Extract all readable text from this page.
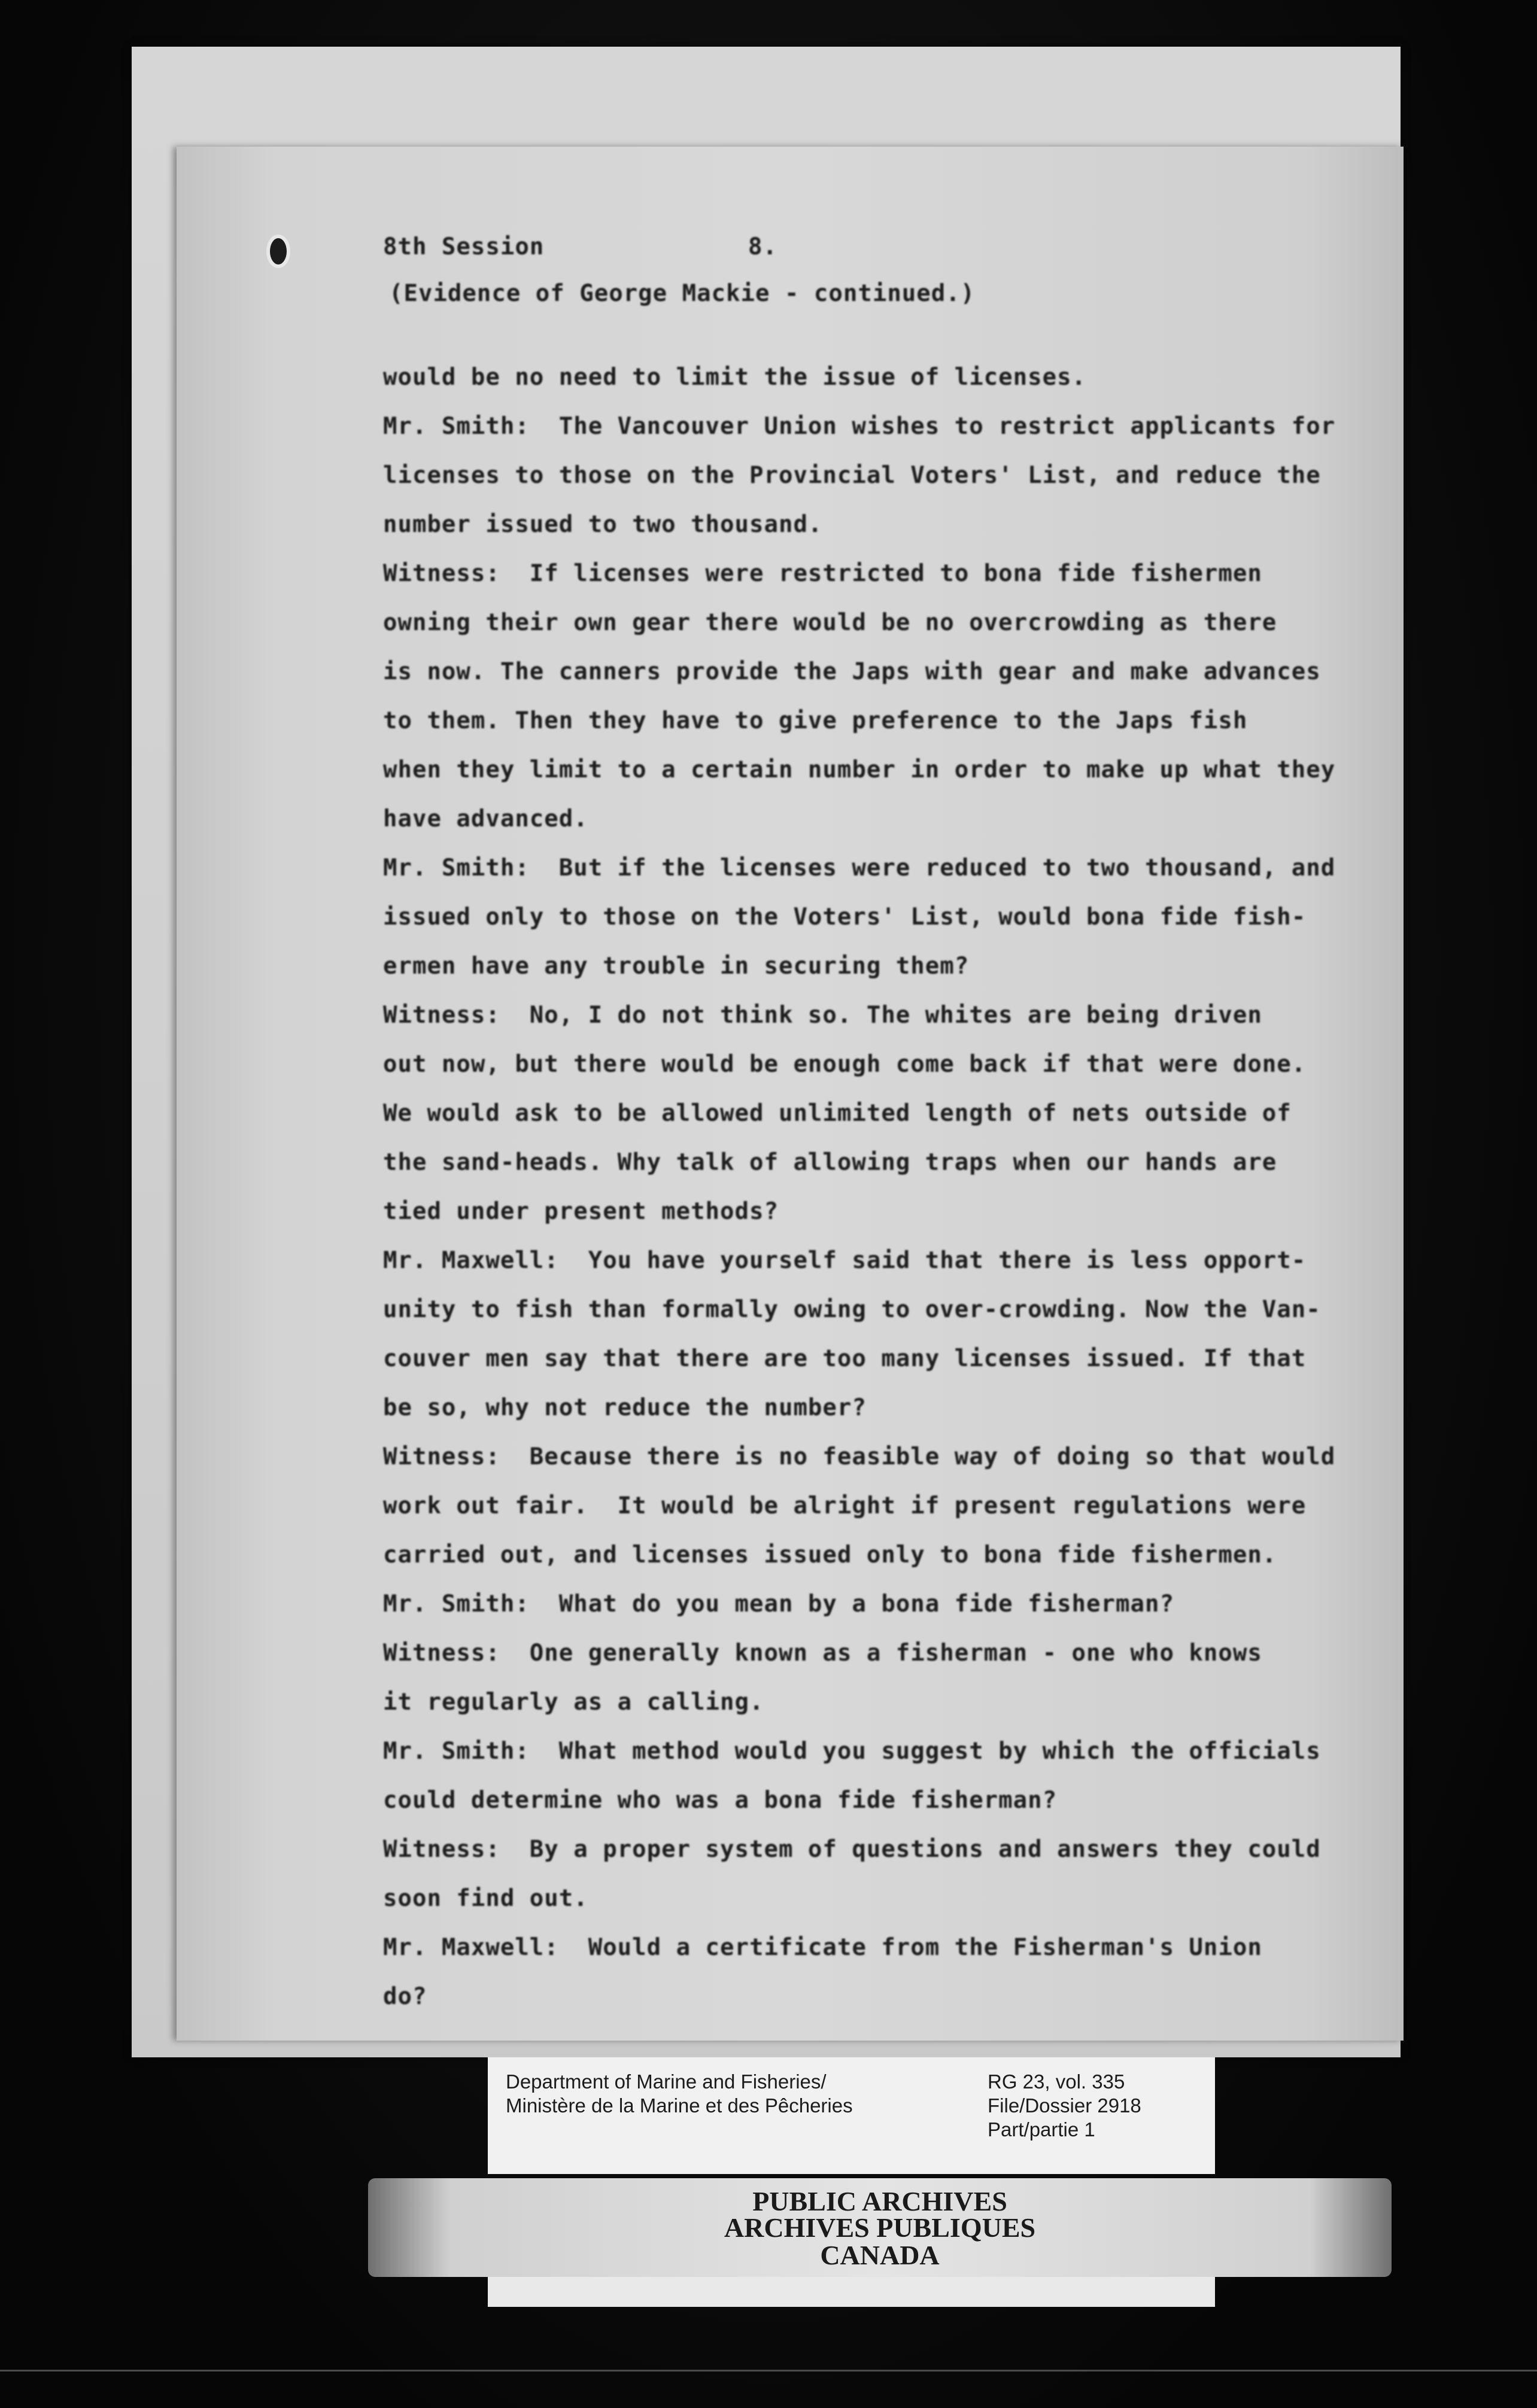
8th Session	8.
(Evidence of George Mackie - continued.)
would be no need to limit the issue of licenses.
Mr. Smith:  The Vancouver Union wishes to restrict applicants for
licenses to those on the Provincial Voters' List, and reduce the
number issued to two thousand.
Witness:  If licenses were restricted to bona fide fishermen
owning their own gear there would be no overcrowding as there
is now. The canners provide the Japs with gear and make advances
to them. Then they have to give preference to the Japs fish
when they limit to a certain number in order to make up what they
have advanced.
Mr. Smith:  But if the licenses were reduced to two thousand, and
issued only to those on the Voters' List, would bona fide fish-
ermen have any trouble in securing them?
Witness:  No, I do not think so. The whites are being driven
out now, but there would be enough come back if that were done.
We would ask to be allowed unlimited length of nets outside of
the sand-heads. Why talk of allowing traps when our hands are
tied under present methods?
Mr. Maxwell:  You have yourself said that there is less opport-
unity to fish than formally owing to over-crowding. Now the Van-
couver men say that there are too many licenses issued. If that
be so, why not reduce the number?
Witness:  Because there is no feasible way of doing so that would
work out fair.  It would be alright if present regulations were
carried out, and licenses issued only to bona fide fishermen.
Mr. Smith:  What do you mean by a bona fide fisherman?
Witness:  One generally known as a fisherman - one who knows
it regularly as a calling.
Mr. Smith:  What method would you suggest by which the officials
could determine who was a bona fide fisherman?
Witness:  By a proper system of questions and answers they could
soon find out.
Mr. Maxwell:  Would a certificate from the Fisherman's Union
do?
Department of Marine and Fisheries/
Ministère de la Marine et des Pêcheries
RG 23, vol. 335
File/Dossier 2918
Part/partie 1
PUBLIC ARCHIVES
ARCHIVES PUBLIQUES
CANADA
